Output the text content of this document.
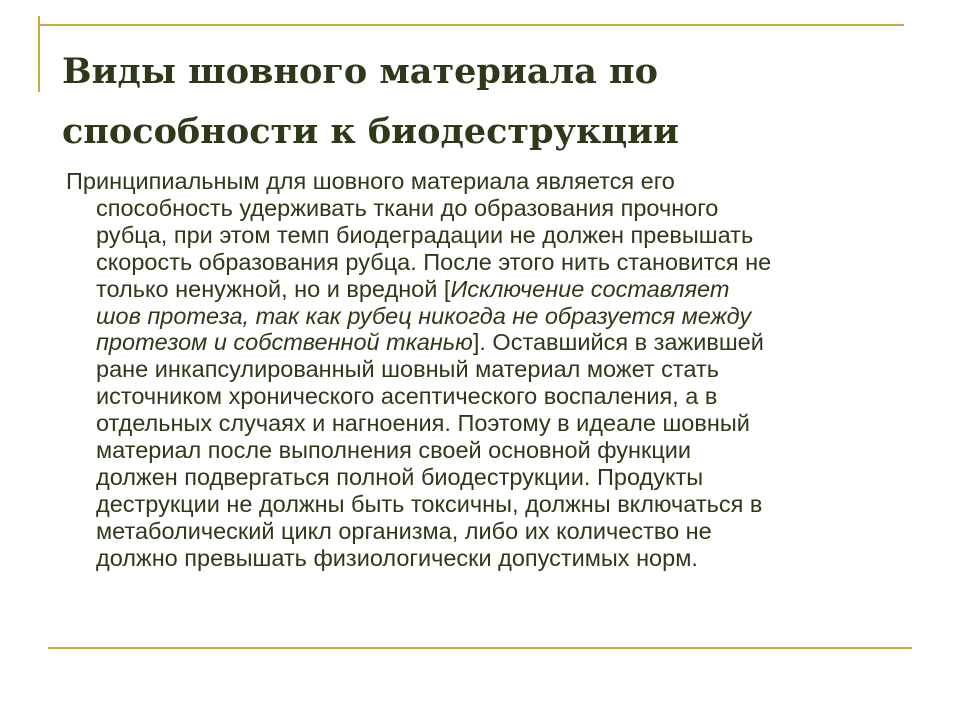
Виды шовного материала по
способности к биодеструкции
Принципиальным для шовного материала является его
способность удерживать ткани до образования прочного
рубца, при этом темп биодеградации не должен превышать
скорость образования рубца. После этого нить становится не
только ненужной, но и вредной [Исключение составляет
шов протеза, так как рубец никогда не образуется между
протезом и собственной тканью]. Оставшийся в зажившей
ране инкапсулированный шовный материал может стать
источником хронического асептического воспаления, а в
отдельных случаях и нагноения. Поэтому в идеале шовный
материал после выполнения своей основной функции
должен подвергаться полной биодеструкции. Продукты
деструкции не должны быть токсичны, должны включаться в
метаболический цикл организма, либо их количество не
должно превышать физиологически допустимых норм.
